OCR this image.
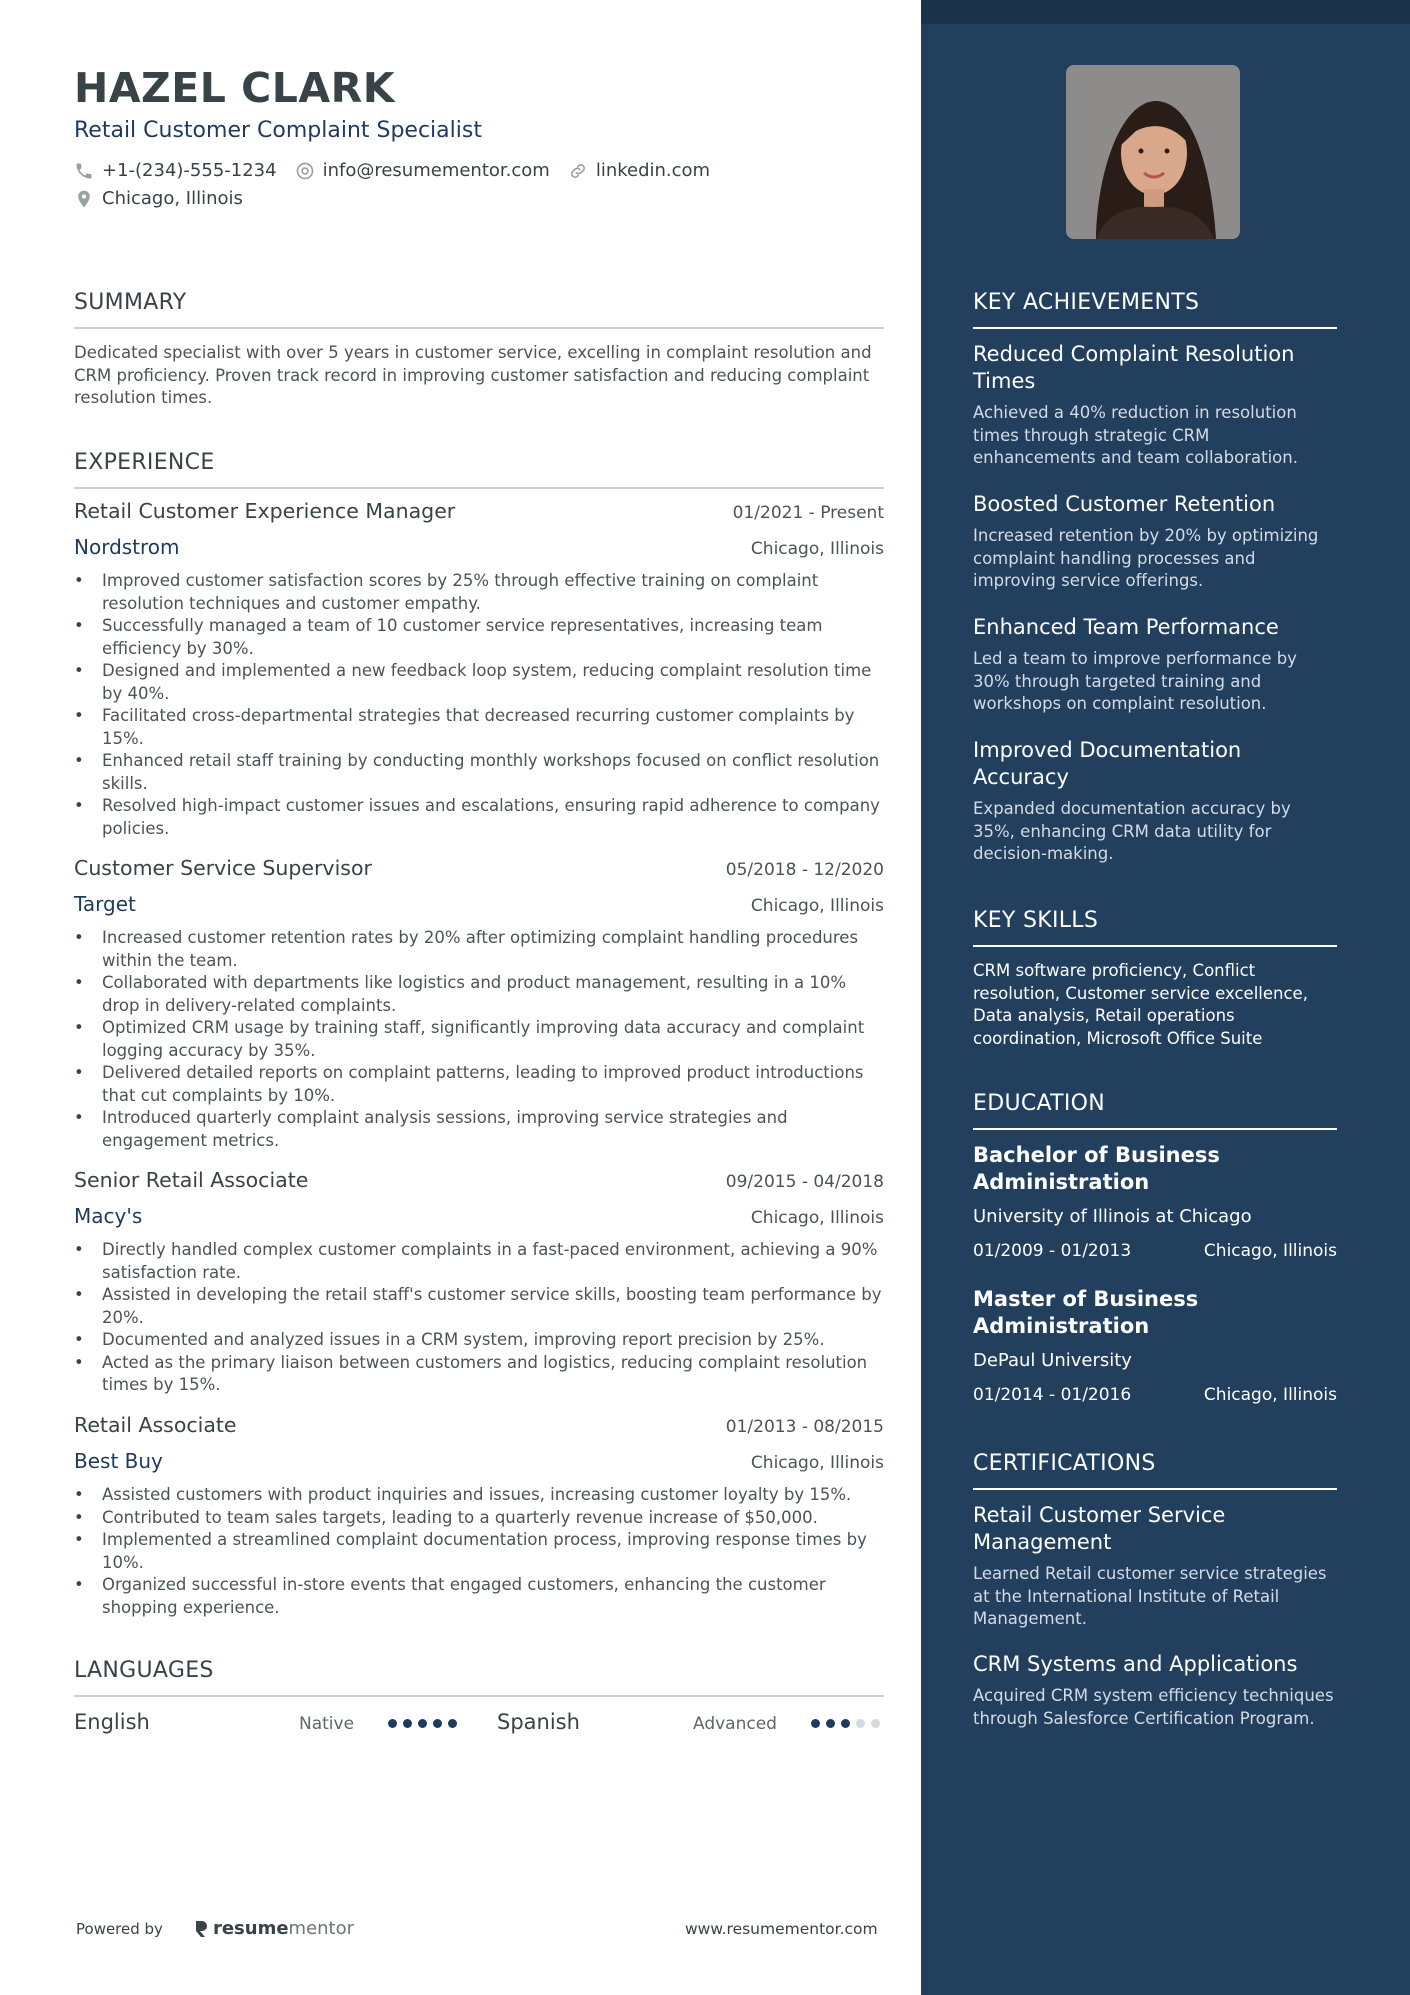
HAZEL CLARK
Retail Customer Complaint Specialist
+1-(234)-555-1234	info@resumementor.com	linkedin.com
Chicago, Illinois
SUMMARY
Dedicated specialist with over 5 years in customer service, excelling in complaint resolution and CRM proficiency. Proven track record in improving customer satisfaction and reducing complaint resolution times.
EXPERIENCE
Retail Customer Experience Manager	01/2021 - Present
Nordstrom	Chicago, Illinois
• Improved customer satisfaction scores by 25% through effective training on complaint resolution techniques and customer empathy.
• Successfully managed a team of 10 customer service representatives, increasing team efficiency by 30%.
• Designed and implemented a new feedback loop system, reducing complaint resolution time by 40%.
• Facilitated cross-departmental strategies that decreased recurring customer complaints by 15%.
• Enhanced retail staff training by conducting monthly workshops focused on conflict resolution skills.
• Resolved high-impact customer issues and escalations, ensuring rapid adherence to company policies.
Customer Service Supervisor	05/2018 - 12/2020
Target	Chicago, Illinois
• Increased customer retention rates by 20% after optimizing complaint handling procedures within the team.
• Collaborated with departments like logistics and product management, resulting in a 10% drop in delivery-related complaints.
• Optimized CRM usage by training staff, significantly improving data accuracy and complaint logging accuracy by 35%.
• Delivered detailed reports on complaint patterns, leading to improved product introductions that cut complaints by 10%.
• Introduced quarterly complaint analysis sessions, improving service strategies and engagement metrics.
Senior Retail Associate	09/2015 - 04/2018
Macy's	Chicago, Illinois
• Directly handled complex customer complaints in a fast-paced environment, achieving a 90% satisfaction rate.
• Assisted in developing the retail staff's customer service skills, boosting team performance by 20%.
• Documented and analyzed issues in a CRM system, improving report precision by 25%.
• Acted as the primary liaison between customers and logistics, reducing complaint resolution times by 15%.
Retail Associate	01/2013 - 08/2015
Best Buy	Chicago, Illinois
• Assisted customers with product inquiries and issues, increasing customer loyalty by 15%.
• Contributed to team sales targets, leading to a quarterly revenue increase of $50,000.
• Implemented a streamlined complaint documentation process, improving response times by 10%.
• Organized successful in-store events that engaged customers, enhancing the customer shopping experience.
LANGUAGES
English	Native	Spanish	Advanced
Powered by	resume mentor	www.resumementor.com
KEY ACHIEVEMENTS
Reduced Complaint Resolution Times
Achieved a 40% reduction in resolution times through strategic CRM enhancements and team collaboration.
Boosted Customer Retention
Increased retention by 20% by optimizing complaint handling processes and improving service offerings.
Enhanced Team Performance
Led a team to improve performance by 30% through targeted training and workshops on complaint resolution.
Improved Documentation Accuracy
Expanded documentation accuracy by 35%, enhancing CRM data utility for decision-making.
KEY SKILLS
CRM software proficiency, Conflict resolution, Customer service excellence, Data analysis, Retail operations coordination, Microsoft Office Suite
EDUCATION
Bachelor of Business Administration
University of Illinois at Chicago
01/2009 - 01/2013	Chicago, Illinois
Master of Business Administration
DePaul University
01/2014 - 01/2016	Chicago, Illinois
CERTIFICATIONS
Retail Customer Service Management
Learned Retail customer service strategies at the International Institute of Retail Management.
CRM Systems and Applications
Acquired CRM system efficiency techniques through Salesforce Certification Program.
